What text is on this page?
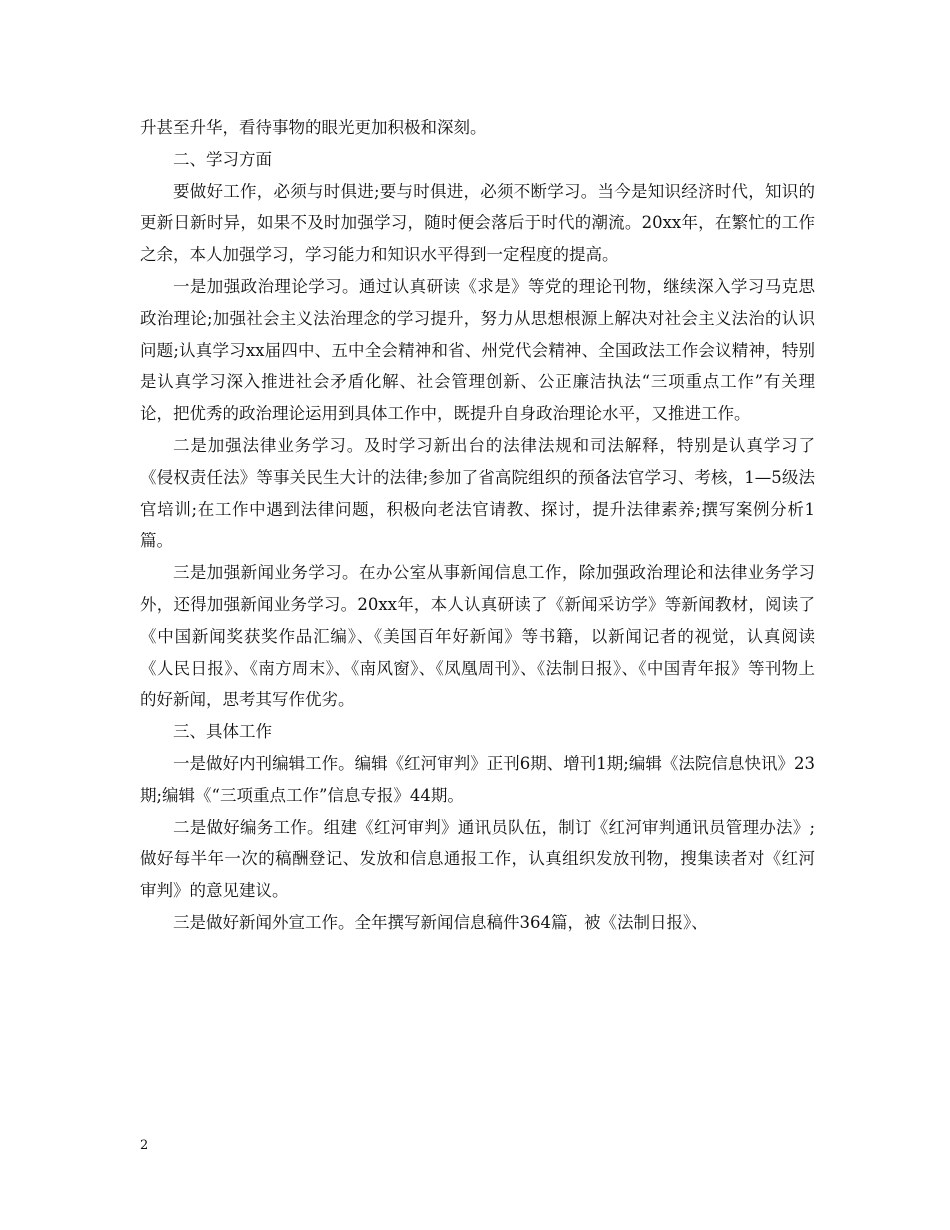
升甚至升华，看待事物的眼光更加积极和深刻。

二、学习方面

要做好工作，必须与时俱进;要与时俱进，必须不断学习。当今是知识经济时代，知识的更新日新时异，如果不及时加强学习，随时便会落后于时代的潮流。20xx年，在繁忙的工作之余，本人加强学习，学习能力和知识水平得到一定程度的提高。

一是加强政治理论学习。通过认真研读《求是》等党的理论刊物，继续深入学习马克思政治理论;加强社会主义法治理念的学习提升，努力从思想根源上解决对社会主义法治的认识问题;认真学习xx届四中、五中全会精神和省、州党代会精神、全国政法工作会议精神，特别是认真学习深入推进社会矛盾化解、社会管理创新、公正廉洁执法“三项重点工作”有关理论，把优秀的政治理论运用到具体工作中，既提升自身政治理论水平，又推进工作。

二是加强法律业务学习。及时学习新出台的法律法规和司法解释，特别是认真学习了《侵权责任法》等事关民生大计的法律;参加了省高院组织的预备法官学习、考核，1—5级法官培训;在工作中遇到法律问题，积极向老法官请教、探讨，提升法律素养;撰写案例分析1篇。

三是加强新闻业务学习。在办公室从事新闻信息工作，除加强政治理论和法律业务学习外，还得加强新闻业务学习。20xx年，本人认真研读了《新闻采访学》等新闻教材，阅读了《中国新闻奖获奖作品汇编》、《美国百年好新闻》等书籍，以新闻记者的视觉，认真阅读《人民日报》、《南方周末》、《南风窗》、《凤凰周刊》、《法制日报》、《中国青年报》等刊物上的好新闻，思考其写作优劣。

三、具体工作

一是做好内刊编辑工作。编辑《红河审判》正刊6期、增刊1期;编辑《法院信息快讯》23期;编辑《“三项重点工作”信息专报》44期。

二是做好编务工作。组建《红河审判》通讯员队伍，制订《红河审判通讯员管理办法》;做好每半年一次的稿酬登记、发放和信息通报工作，认真组织发放刊物，搜集读者对《红河审判》的意见建议。

三是做好新闻外宣工作。全年撰写新闻信息稿件364篇，被《法制日报》、

2
